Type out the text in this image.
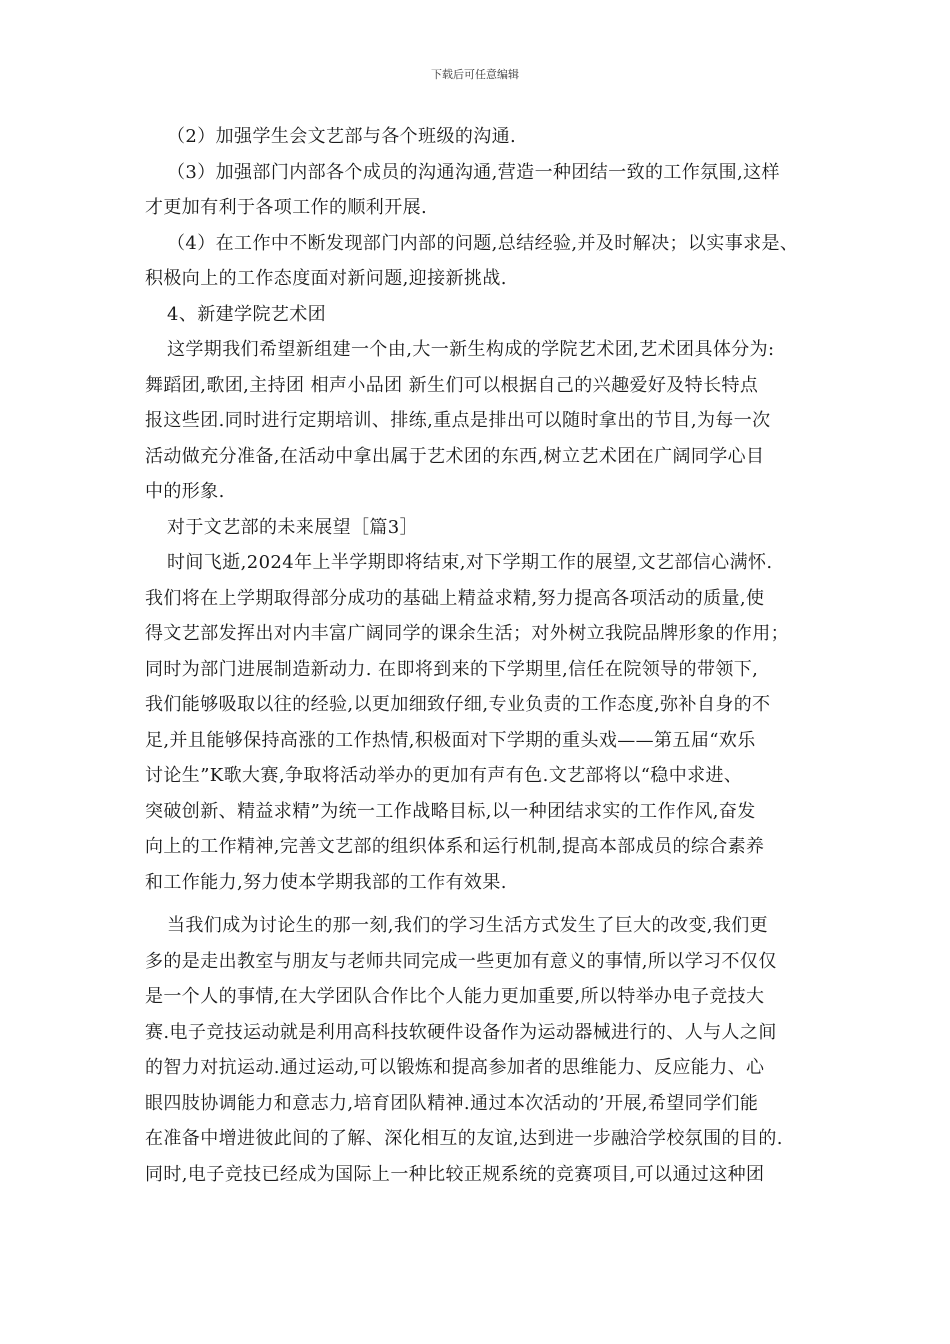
下载后可任意编辑
（2）加强学生会文艺部与各个班级的沟通.
（3）加强部门内部各个成员的沟通沟通,营造一种团结一致的工作氛围,这样
才更加有利于各项工作的顺利开展.
（4）在工作中不断发现部门内部的问题,总结经验,并及时解决；以实事求是、
积极向上的工作态度面对新问题,迎接新挑战.
4、新建学院艺术团
这学期我们希望新组建一个由,大一新生构成的学院艺术团,艺术团具体分为:
舞蹈团,歌团,主持团 相声小品团 新生们可以根据自己的兴趣爱好及特长特点
报这些团.同时进行定期培训、排练,重点是排出可以随时拿出的节目,为每一次
活动做充分准备,在活动中拿出属于艺术团的东西,树立艺术团在广阔同学心目
中的形象.
对于文艺部的未来展望［篇3］
时间飞逝,2024年上半学期即将结束,对下学期工作的展望,文艺部信心满怀.
我们将在上学期取得部分成功的基础上精益求精,努力提高各项活动的质量,使
得文艺部发挥出对内丰富广阔同学的课余生活；对外树立我院品牌形象的作用；
同时为部门进展制造新动力. 在即将到来的下学期里,信任在院领导的带领下,
我们能够吸取以往的经验,以更加细致仔细,专业负责的工作态度,弥补自身的不
足,并且能够保持高涨的工作热情,积极面对下学期的重头戏——第五届“欢乐
讨论生”K歌大赛,争取将活动举办的更加有声有色.文艺部将以“稳中求进、
突破创新、精益求精”为统一工作战略目标,以一种团结求实的工作作风,奋发
向上的工作精神,完善文艺部的组织体系和运行机制,提高本部成员的综合素养
和工作能力,努力使本学期我部的工作有效果.
当我们成为讨论生的那一刻,我们的学习生活方式发生了巨大的改变,我们更
多的是走出教室与朋友与老师共同完成一些更加有意义的事情,所以学习不仅仅
是一个人的事情,在大学团队合作比个人能力更加重要,所以特举办电子竞技大
赛.电子竞技运动就是利用高科技软硬件设备作为运动器械进行的、人与人之间
的智力对抗运动.通过运动,可以锻炼和提高参加者的思维能力、反应能力、心
眼四肢协调能力和意志力,培育团队精神.通过本次活动的’开展,希望同学们能
在准备中增进彼此间的了解、深化相互的友谊,达到进一步融洽学校氛围的目的.
同时,电子竞技已经成为国际上一种比较正规系统的竞赛项目,可以通过这种团
